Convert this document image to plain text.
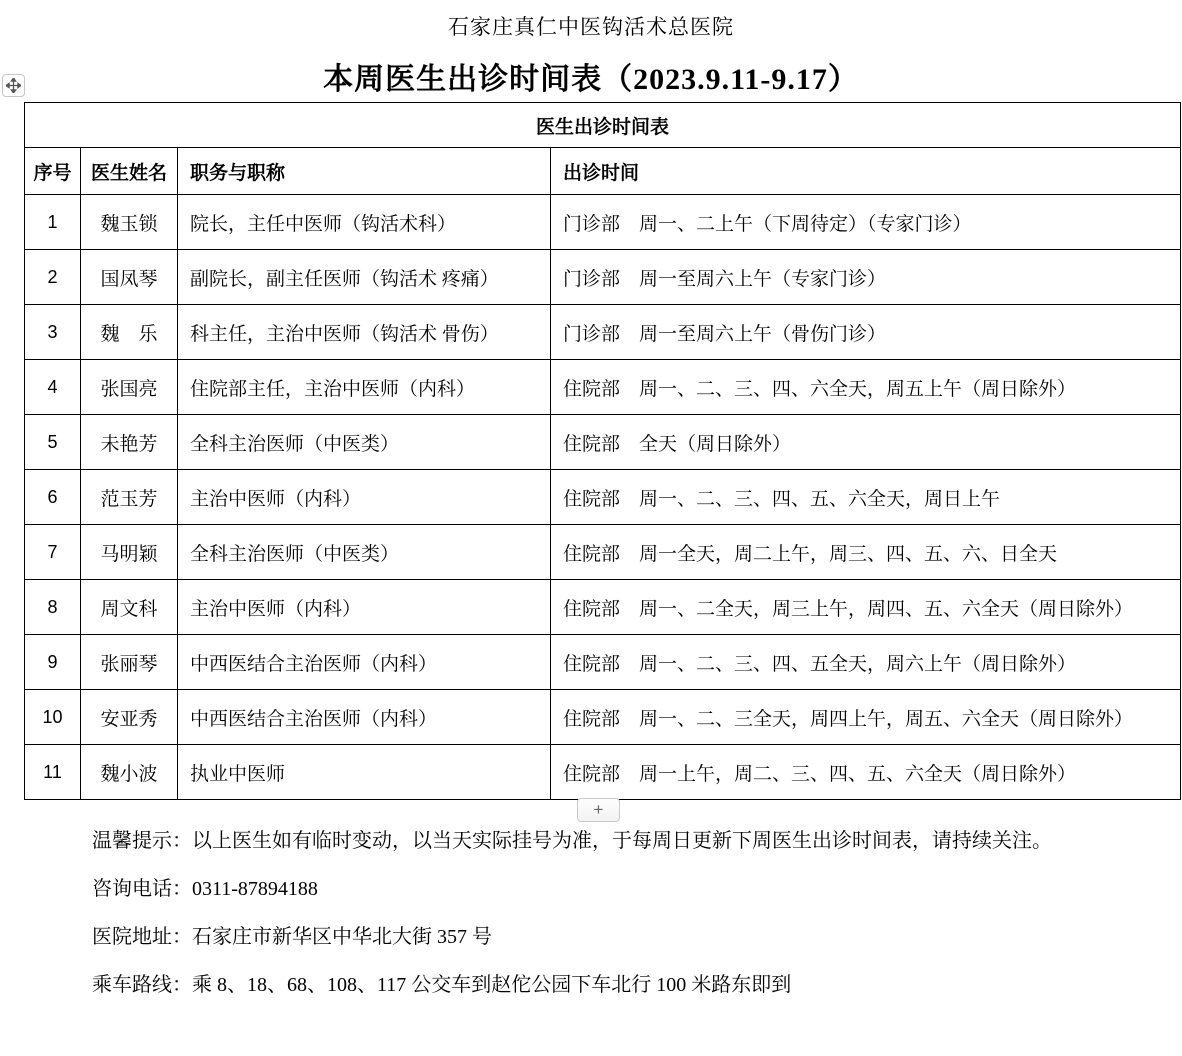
石家庄真仁中医钩活术总医院
本周医生出诊时间表（2023.9.11-9.17）
医生出诊时间表			
序号	医生姓名	职务与职称	出诊时间
1	魏玉锁	院长，主任中医师（钩活术科）	门诊部　周一、二上午（下周待定）（专家门诊）
2	国凤琴	副院长，副主任医师（钩活术 疼痛）	门诊部　周一至周六上午（专家门诊）
3	魏　乐	科主任，主治中医师（钩活术 骨伤）	门诊部　周一至周六上午（骨伤门诊）
4	张国亮	住院部主任，主治中医师（内科）	住院部　周一、二、三、四、六全天，周五上午（周日除外）
5	未艳芳	全科主治医师（中医类）	住院部　全天（周日除外）
6	范玉芳	主治中医师（内科）	住院部　周一、二、三、四、五、六全天，周日上午
7	马明颖	全科主治医师（中医类）	住院部　周一全天，周二上午，周三、四、五、六、日全天
8	周文科	主治中医师（内科）	住院部　周一、二全天，周三上午，周四、五、六全天（周日除外）
9	张丽琴	中西医结合主治医师（内科）	住院部　周一、二、三、四、五全天，周六上午（周日除外）
10	安亚秀	中西医结合主治医师（内科）	住院部　周一、二、三全天，周四上午，周五、六全天（周日除外）
11	魏小波	执业中医师	住院部　周一上午，周二、三、四、五、六全天（周日除外）
+

温馨提示：以上医生如有临时变动，以当天实际挂号为准，于每周日更新下周医生出诊时间表，请持续关注。

咨询电话：0311-87894188

医院地址：石家庄市新华区中华北大街 357 号

乘车路线：乘 8、18、68、108、117 公交车到赵佗公园下车北行 100 米路东即到
